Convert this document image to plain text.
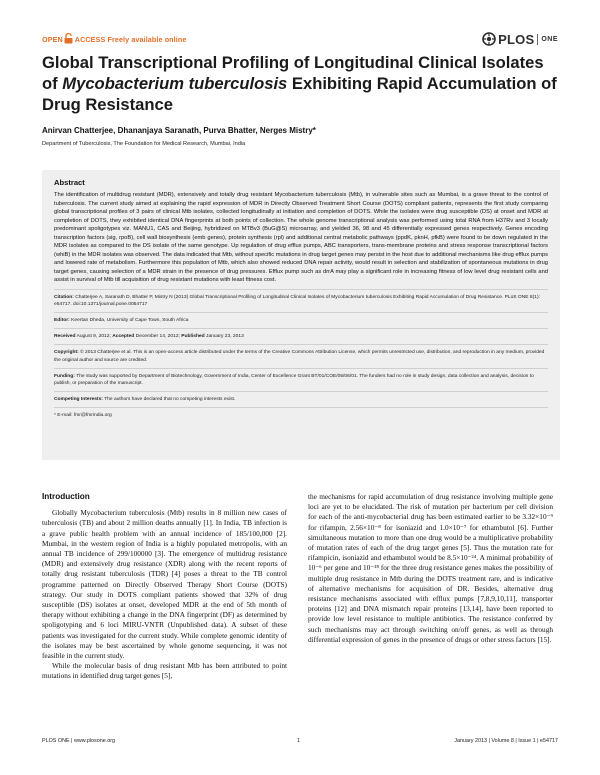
OPEN ACCESS Freely available online	PLOS ONE
Global Transcriptional Profiling of Longitudinal Clinical Isolates of Mycobacterium tuberculosis Exhibiting Rapid Accumulation of Drug Resistance
Anirvan Chatterjee, Dhananjaya Saranath, Purva Bhatter, Nerges Mistry*
Department of Tuberculosis, The Foundation for Medical Research, Mumbai, India
Abstract
The identification of multidrug resistant (MDR), extensively and totally drug resistant Mycobacterium tuberculosis (Mtb), in vulnerable sites such as Mumbai, is a grave threat to the control of tuberculosis. The current study aimed at explaining the rapid expression of MDR in Directly Observed Treatment Short Course (DOTS) compliant patients, represents the first study comparing global transcriptional profiles of 3 pairs of clinical Mtb isolates, collected longitudinally at initiation and completion of DOTS. While the isolates were drug susceptible (DS) at onset and MDR at completion of DOTS, they exhibited identical DNA fingerprints at both points of collection. The whole genome transcriptional analysis was performed using total RNA from H37Rv and 3 locally predominant spoligotypes viz. MANU1, CAS and Beijing, hybridized on MTBv3 (BuG@S) microarray, and yielded 36, 98 and 45 differentially expressed genes respectively. Genes encoding transcription factors (sig, rpoB), cell wall biosynthesis (emb genes), protein synthesis (rpl) and additional central metabolic pathways (ppdK, pknH, pfkB) were found to be down regulated in the MDR isolates as compared to the DS isolate of the same genotype. Up regulation of drug efflux pumps, ABC transporters, trans-membrane proteins and stress response transcriptional factors (whiB) in the MDR isolates was observed. The data indicated that Mtb, without specific mutations in drug target genes may persist in the host due to additional mechanisms like drug efflux pumps and lowered rate of metabolism. Furthermore this population of Mtb, which also showed reduced DNA repair activity, would result in selection and stabilization of spontaneous mutations in drug target genes, causing selection of a MDR strain in the presence of drug pressures. Efflux pump such as drrA may play a significant role in increasing fitness of low level drug resistant cells and assist in survival of Mtb till acquisition of drug resistant mutations with least fitness cost.
Citation: Chatterjee A, Saranath D, Bhatter P, Mistry N (2013) Global Transcriptional Profiling of Longitudinal Clinical Isolates of Mycobacterium tuberculosis Exhibiting Rapid Accumulation of Drug Resistance. PLoS ONE 8(1): e54717. doi:10.1371/journal.pone.0054717
Editor: Keertan Dheda, University of Cape Town, South Africa
Received August 9, 2012; Accepted December 14, 2012; Published January 23, 2013
Copyright: © 2013 Chatterjee et al. This is an open-access article distributed under the terms of the Creative Commons Attribution License, which permits unrestricted use, distribution, and reproduction in any medium, provided the original author and source are credited.
Funding: The study was supported by Department of Biotechnology, Government of India, Center of Excellence Grant BT/01/COE/05/06/01. The funders had no role in study design, data collection and analysis, decision to publish, or preparation of the manuscript.
Competing Interests: The authors have declared that no competing interests exist.
* E-mail: fmr@fmrindia.org
Introduction

Globally Mycobacterium tuberculosis (Mtb) results in 8 million new cases of tuberculosis (TB) and about 2 million deaths annually [1]. In India, TB infection is a grave public health problem with an annual incidence of 185/100,000 [2]. Mumbai, in the western region of India is a highly populated metropolis, with an annual TB incidence of 299/100000 [3]. The emergence of multidrug resistance (MDR) and extensively drug resistance (XDR) along with the recent reports of totally drug resistant tuberculosis (TDR) [4] poses a threat to the TB control programme patterned on Directly Observed Therapy Short Course (DOTS) strategy. Our study in DOTS compliant patients showed that 32% of drug susceptible (DS) isolates at onset, developed MDR at the end of 5th month of therapy without exhibiting a change in the DNA fingerprint (DF) as determined by spoligotyping and 6 loci MIRU-VNTR (Unpublished data). A subset of these patients was investigated for the current study. While complete genomic identity of the isolates may be best ascertained by whole genome sequencing, it was not feasible in the current study.

While the molecular basis of drug resistant Mtb has been attributed to point mutations in identified drug target genes [5],

the mechanisms for rapid accumulation of drug resistance involving multiple gene loci are yet to be elucidated. The risk of mutation per bacterium per cell division for each of the anti-mycobacterial drug has been estimated earlier to be 3.32×10⁻⁹ for rifampin, 2.56×10⁻⁸ for isoniazid and 1.0×10⁻⁷ for ethambutol [6]. Further simultaneous mutation to more than one drug would be a multiplicative probability of mutation rates of each of the drug target genes [5]. Thus the mutation rate for rifampicin, isoniazid and ethambutol would be 8.5×10⁻²⁴. A minimal probability of 10⁻⁶ per gene and 10⁻¹⁸ for the three drug resistance genes makes the possibility of multiple drug resistance in Mtb during the DOTS treatment rare, and is indicative of alternative mechanisms for acquisition of DR. Besides, alternative drug resistance mechanisms associated with efflux pumps [7,8,9,10,11], transporter proteins [12] and DNA mismatch repair proteins [13,14], have been reported to provide low level resistance to multiple antibiotics. The resistance conferred by such mechanisms may act through switching on/off genes, as well as through differential expression of genes in the presence of drugs or other stress factors [15].

PLOS ONE | www.plosone.org	1	January 2013 | Volume 8 | Issue 1 | e54717
